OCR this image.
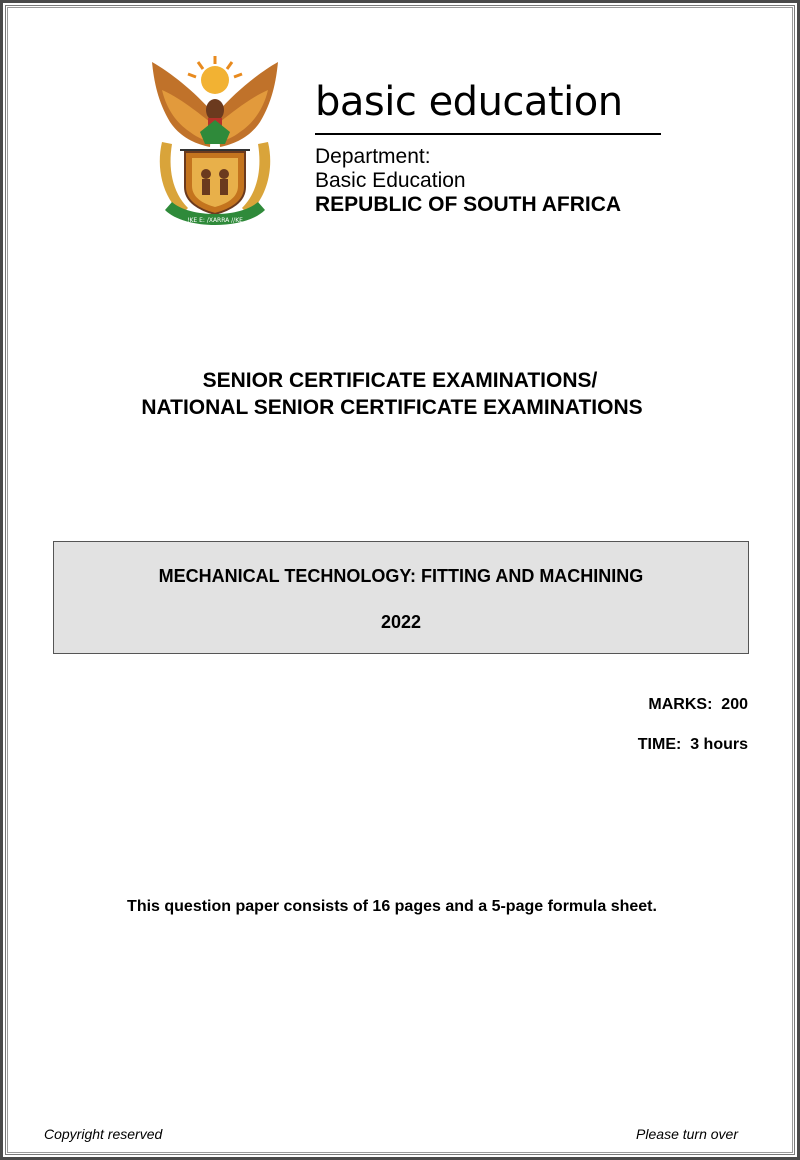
!KE E: /XARRA //KE
basic education
Department:
Basic Education
REPUBLIC OF SOUTH AFRICA
SENIOR CERTIFICATE EXAMINATIONS/
NATIONAL SENIOR CERTIFICATE EXAMINATIONS
MECHANICAL TECHNOLOGY: FITTING AND MACHINING
2022
MARKS:  200
TIME:  3 hours
This question paper consists of 16 pages and a 5-page formula sheet.
Copyright reserved	Please turn over
